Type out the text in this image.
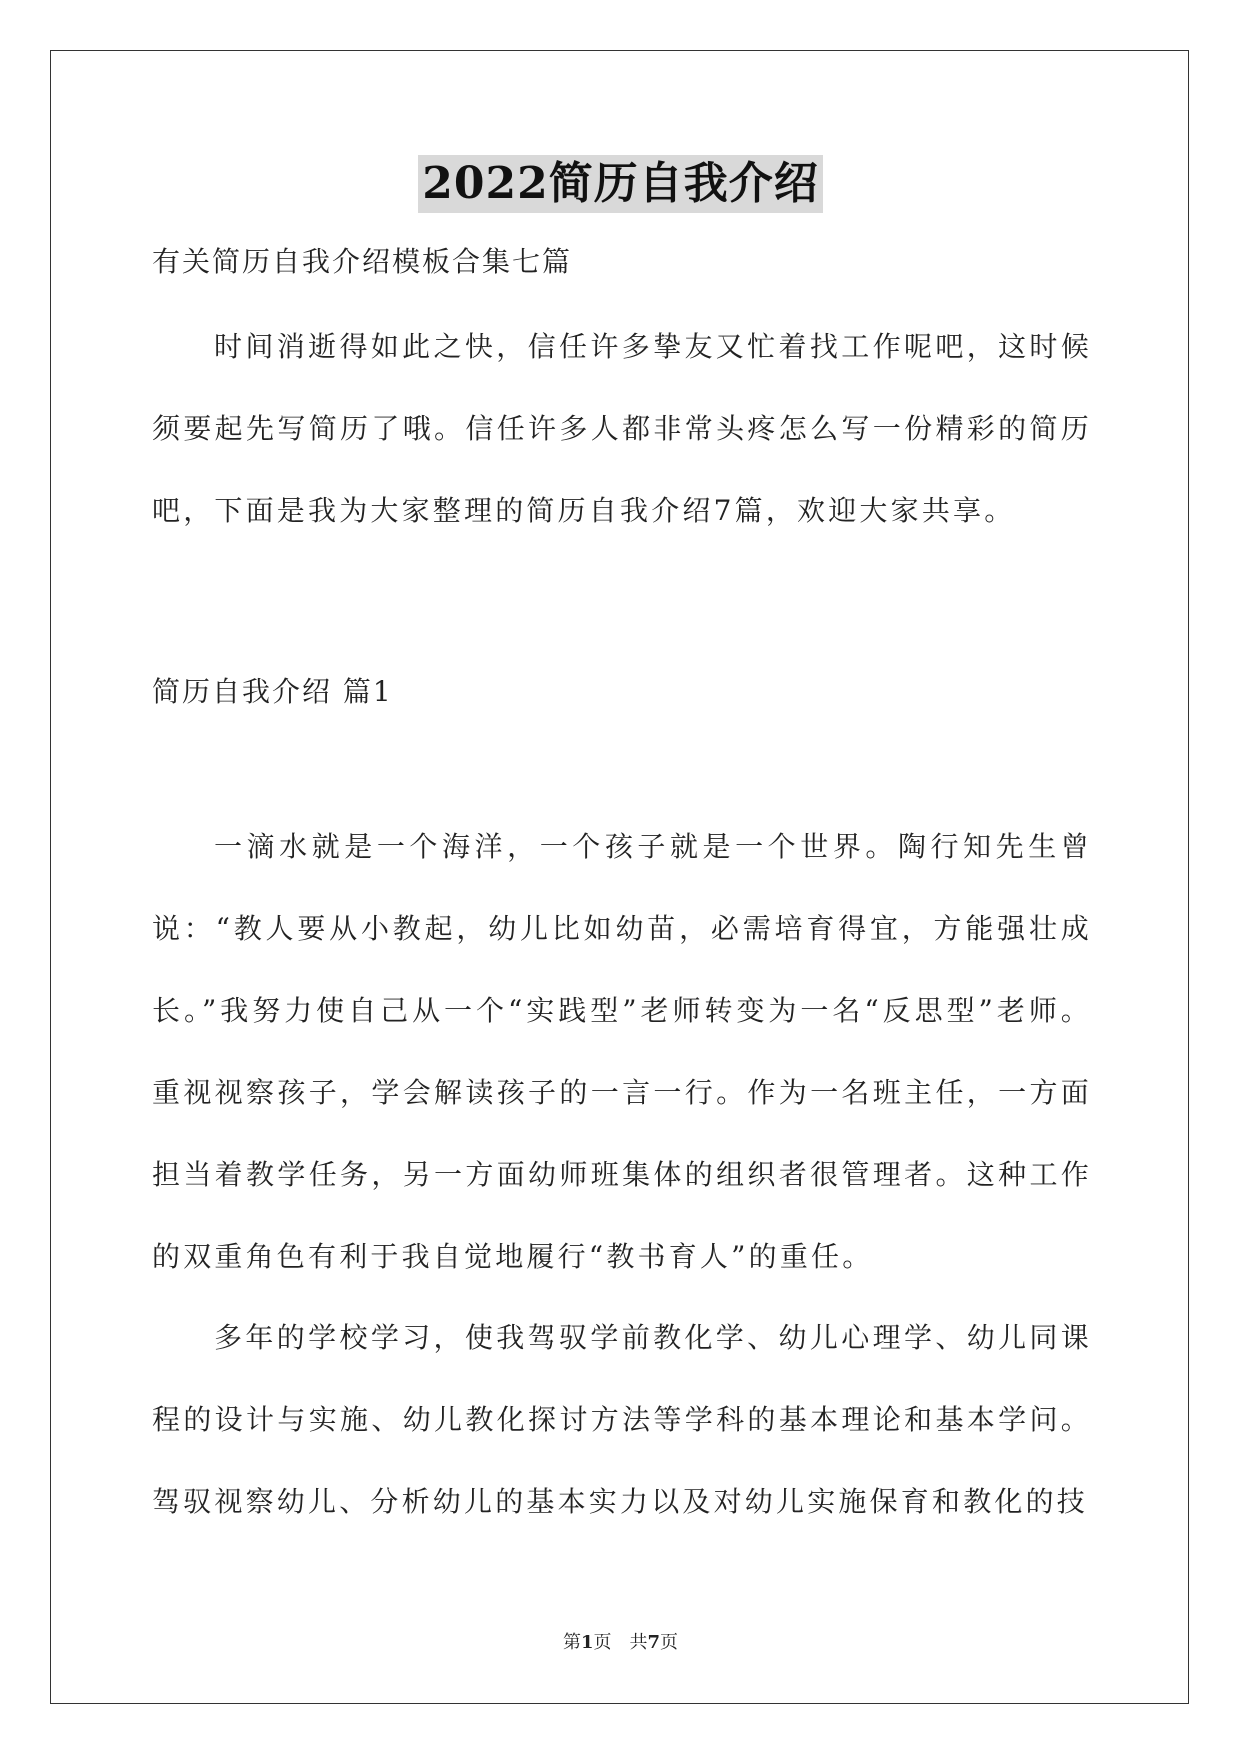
2022简历自我介绍
有关简历自我介绍模板合集七篇

时间消逝得如此之快，信任许多挚友又忙着找工作呢吧，这时候须要起先写简历了哦。信任许多人都非常头疼怎么写一份精彩的简历吧，下面是我为大家整理的简历自我介绍7篇，欢迎大家共享。

简历自我介绍 篇1

一滴水就是一个海洋，一个孩子就是一个世界。陶行知先生曾说：“教人要从小教起，幼儿比如幼苗，必需培育得宜，方能强壮成长。”我努力使自己从一个“实践型”老师转变为一名“反思型”老师。重视视察孩子，学会解读孩子的一言一行。作为一名班主任，一方面担当着教学任务，另一方面幼师班集体的组织者很管理者。这种工作的双重角色有利于我自觉地履行“教书育人”的重任。

多年的学校学习，使我驾驭学前教化学、幼儿心理学、幼儿同课程的设计与实施、幼儿教化探讨方法等学科的基本理论和基本学问。驾驭视察幼儿、分析幼儿的基本实力以及对幼儿实施保育和教化的技

第1页　共7页
